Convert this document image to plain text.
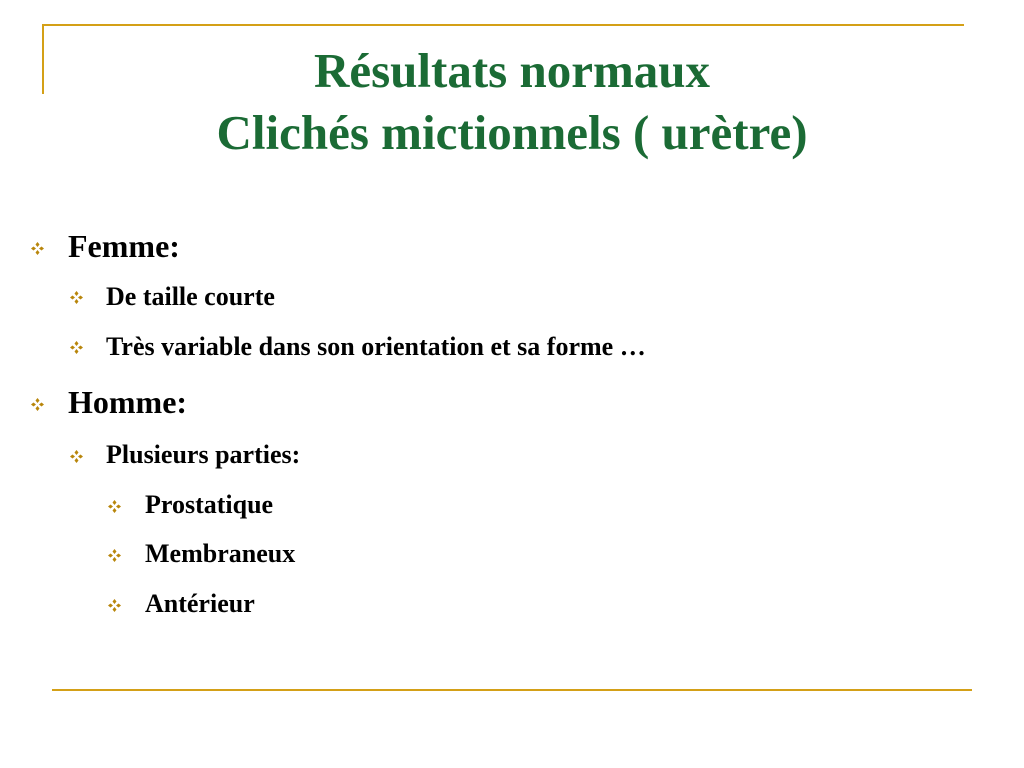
Résultats normaux
Clichés mictionnels ( urètre)
Femme:
De taille courte
Très variable dans son orientation et sa forme …
Homme:
Plusieurs parties:
Prostatique
Membraneux
Antérieur
